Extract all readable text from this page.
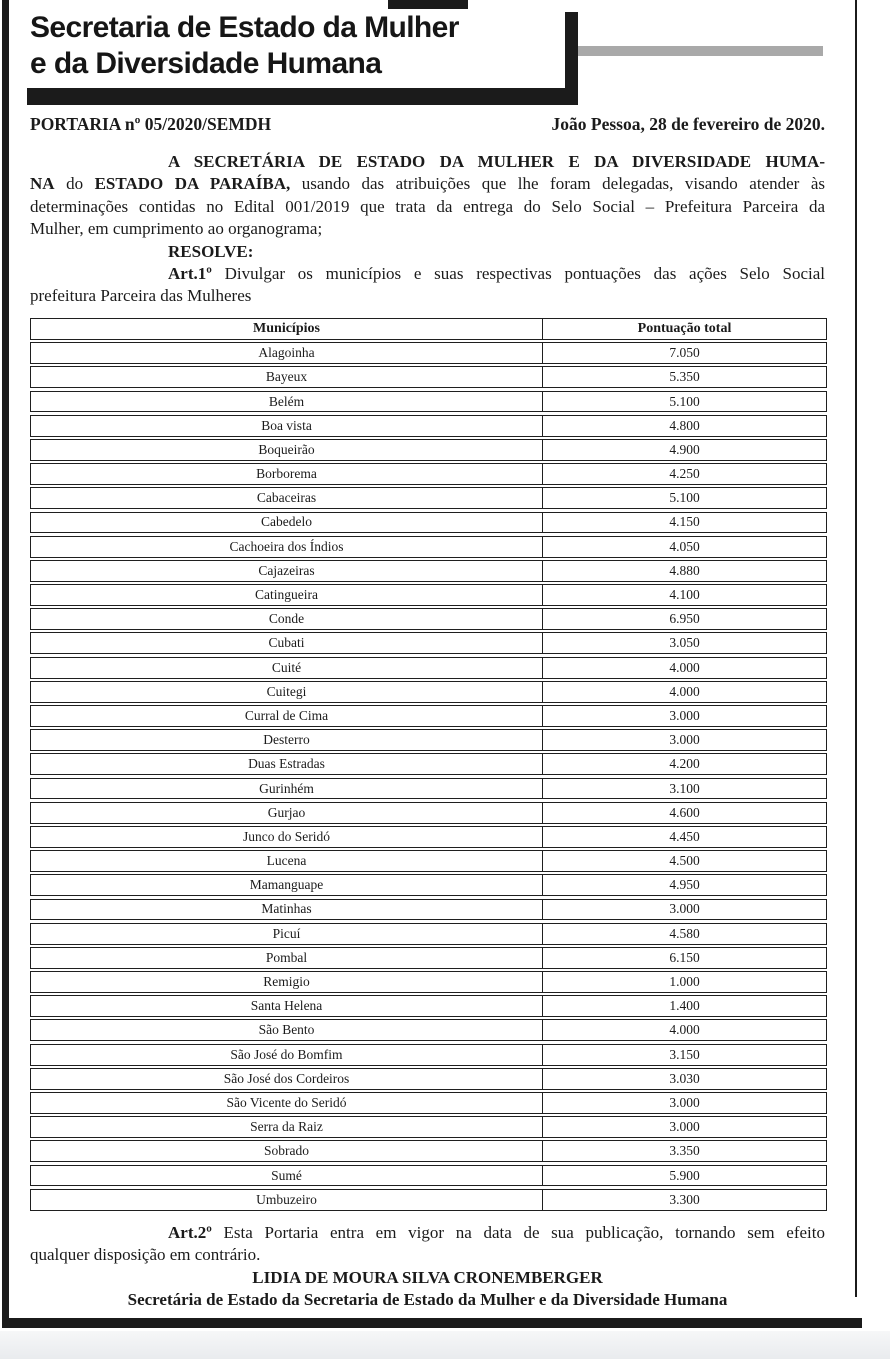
Secretaria de Estado da Mulher
e da Diversidade Humana
PORTARIA nº 05/2020/SEMDH	João Pessoa, 28 de fevereiro de 2020.
A SECRETÁRIA DE ESTADO DA MULHER E DA DIVERSIDADE HUMA-
NA do ESTADO DA PARAÍBA, usando das atribuições que lhe foram delegadas, visando atender às
determinações contidas no Edital 001/2019 que trata da entrega do Selo Social – Prefeitura Parceira da
Mulher, em cumprimento ao organograma;
RESOLVE:
Art.1º Divulgar os municípios e suas respectivas pontuações das ações Selo Social
prefeitura Parceira das Mulheres
Municípios	Pontuação total
Alagoinha	7.050
Bayeux	5.350
Belém	5.100
Boa vista	4.800
Boqueirão	4.900
Borborema	4.250
Cabaceiras	5.100
Cabedelo	4.150
Cachoeira dos Índios	4.050
Cajazeiras	4.880
Catingueira	4.100
Conde	6.950
Cubati	3.050
Cuité	4.000
Cuitegi	4.000
Curral de Cima	3.000
Desterro	3.000
Duas Estradas	4.200
Gurinhém	3.100
Gurjao	4.600
Junco do Seridó	4.450
Lucena	4.500
Mamanguape	4.950
Matinhas	3.000
Picuí	4.580
Pombal	6.150
Remigio	1.000
Santa Helena	1.400
São Bento	4.000
São José do Bomfim	3.150
São José dos Cordeiros	3.030
São Vicente do Seridó	3.000
Serra da Raiz	3.000
Sobrado	3.350
Sumé	5.900
Umbuzeiro	3.300
Art.2º Esta Portaria entra em vigor na data de sua publicação, tornando sem efeito
qualquer disposição em contrário.
LIDIA DE MOURA SILVA CRONEMBERGER
Secretária de Estado da Secretaria de Estado da Mulher e da Diversidade Humana
